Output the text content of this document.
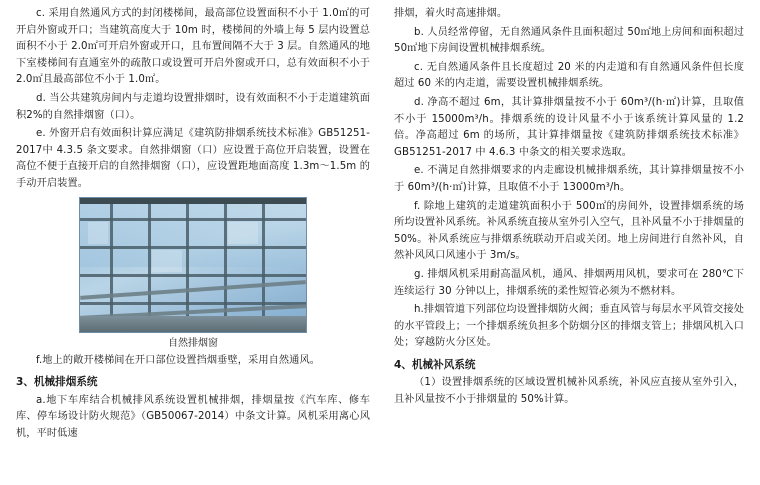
c. 采用自然通风方式的封闭楼梯间，最高部位设置面积不小于 1.0㎡的可开启外窗或开口；当建筑高度大于 10m 时，楼梯间的外墙上每 5 层内设置总面积不小于 2.0㎡可开启外窗或开口，且布置间隔不大于 3 层。自然通风的地下室楼梯间有直通室外的疏散口或设置可开启外窗或开口，总有效面积不小于 2.0㎡且最高部位不小于 1.0㎡。

d. 当公共建筑房间内与走道均设置排烟时，设有效面积不小于走道建筑面积2%的自然排烟窗（口）。

e. 外窗开启有效面积计算应满足《建筑防排烟系统技术标准》GB51251-2017中 4.3.5 条文要求。自然排烟窗（口）应设置于高位开启装置，设置在高位不便于直接开启的自然排烟窗（口），应设置距地面高度 1.3m～1.5m 的手动开启装置。

自然排烟窗

f.地上的敞开楼梯间在开口部位设置挡烟垂壁，采用自然通风。

3、机械排烟系统

a.地下车库结合机械排风系统设置机械排烟，排烟量按《汽车库、修车库、停车场设计防火规范》（GB50067-2014）中条文计算。风机采用离心风机，平时低速

排烟，着火时高速排烟。

b. 人员经常停留，无自然通风条件且面积超过 50㎡地上房间和面积超过 50㎡地下房间设置机械排烟系统。

c. 无自然通风条件且长度超过 20 米的内走道和有自然通风条件但长度超过 60 米的内走道，需要设置机械排烟系统。

d. 净高不超过 6m，其计算排烟量按不小于 60m³/(h·㎡)计算，且取值不小于 15000m³/h。排烟系统的设计风量不小于该系统计算风量的 1.2 倍。净高超过 6m 的场所，其计算排烟量按《建筑防排烟系统技术标准》GB51251-2017 中 4.6.3 中条文的相关要求选取。

e. 不满足自然排烟要求的内走廊设机械排烟系统，其计算排烟量按不小于 60m³/(h·㎡)计算，且取值不小于 13000m³/h。

f. 除地上建筑的走道建筑面积小于 500㎡的房间外，设置排烟系统的场所均设置补风系统。补风系统直接从室外引入空气，且补风量不小于排烟量的 50%。补风系统应与排烟系统联动开启或关闭。地上房间进行自然补风，自然补风风口风速小于 3m/s。

g. 排烟风机采用耐高温风机，通风、排烟两用风机，要求可在 280℃下连续运行 30 分钟以上，排烟系统的柔性短管必须为不燃材料。

h.排烟管道下列部位均设置排烟防火阀；垂直风管与每层水平风管交接处的水平管段上；一个排烟系统负担多个防烟分区的排烟支管上；排烟风机入口处；穿越防火分区处。

4、机械补风系统

（1）设置排烟系统的区域设置机械补风系统，补风应直接从室外引入，且补风量按不小于排烟量的 50%计算。
